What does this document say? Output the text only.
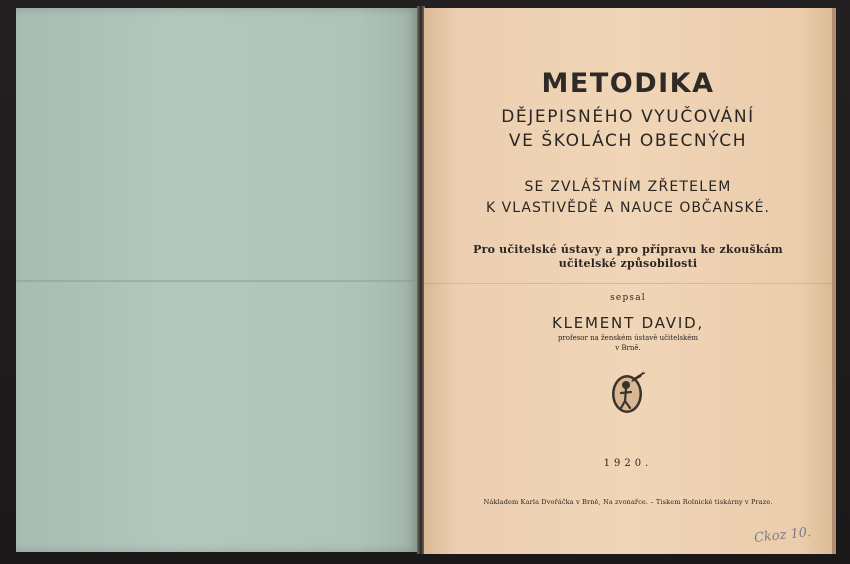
METODIKA
DĚJEPISNÉHO VYUČOVÁNÍ
VE ŠKOLÁCH OBECNÝCH
SE ZVLÁŠTNÍM ZŘETELEM
K VLASTIVĚDĚ A NAUCE OBČANSKÉ.
Pro učitelské ústavy a pro přípravu ke zkouškám
učitelské způsobilosti
sepsal
KLEMENT DAVID,
profesor na ženském ústavě učitelském
v Brně.
1920.
Nákladem Karla Dvořáčka v Brně, Na zvonařce. – Tiskem Rolnické tiskárny v Praze.
Ckoz 10.
